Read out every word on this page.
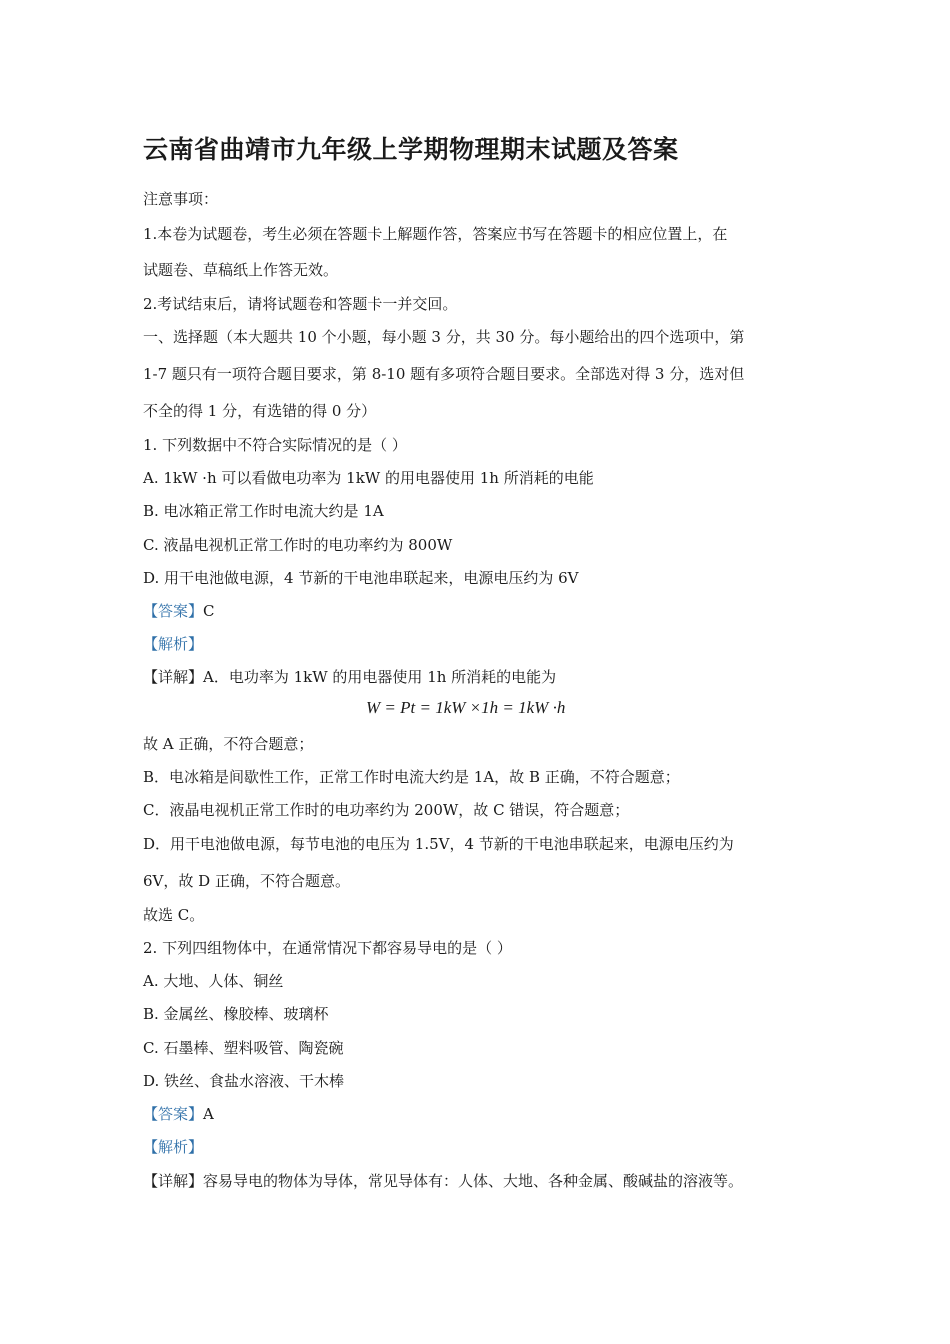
云南省曲靖市九年级上学期物理期末试题及答案
注意事项：
1.本卷为试题卷，考生必须在答题卡上解题作答，答案应书写在答题卡的相应位置上，在
试题卷、草稿纸上作答无效。
2.考试结束后，请将试题卷和答题卡一并交回。
一、选择题（本大题共 10 个小题，每小题 3 分，共 30 分。每小题给出的四个选项中，第
1-7 题只有一项符合题目要求，第 8-10 题有多项符合题目要求。全部选对得 3 分，选对但
不全的得 1 分，有选错的得 0 分）
1. 下列数据中不符合实际情况的是（ ）
A. 1kW ·h 可以看做电功率为 1kW 的用电器使用 1h 所消耗的电能
B. 电冰箱正常工作时电流大约是 1A
C. 液晶电视机正常工作时的电功率约为 800W
D. 用干电池做电源，4 节新的干电池串联起来，电源电压约为 6V
【答案】C
【解析】
【详解】A．电功率为 1kW 的用电器使用 1h 所消耗的电能为
W = Pt = 1kW ×1h = 1kW ·h
故 A 正确，不符合题意；
B．电冰箱是间歇性工作，正常工作时电流大约是 1A，故 B 正确，不符合题意；
C．液晶电视机正常工作时的电功率约为 200W，故 C 错误，符合题意；
D．用干电池做电源，每节电池的电压为 1.5V，4 节新的干电池串联起来，电源电压约为
6V，故 D 正确，不符合题意。
故选 C。
2. 下列四组物体中，在通常情况下都容易导电的是（ ）
A. 大地、人体、铜丝
B. 金属丝、橡胶棒、玻璃杯
C. 石墨棒、塑料吸管、陶瓷碗
D. 铁丝、食盐水溶液、干木棒
【答案】A
【解析】
【详解】容易导电的物体为导体，常见导体有：人体、大地、各种金属、酸碱盐的溶液等。
